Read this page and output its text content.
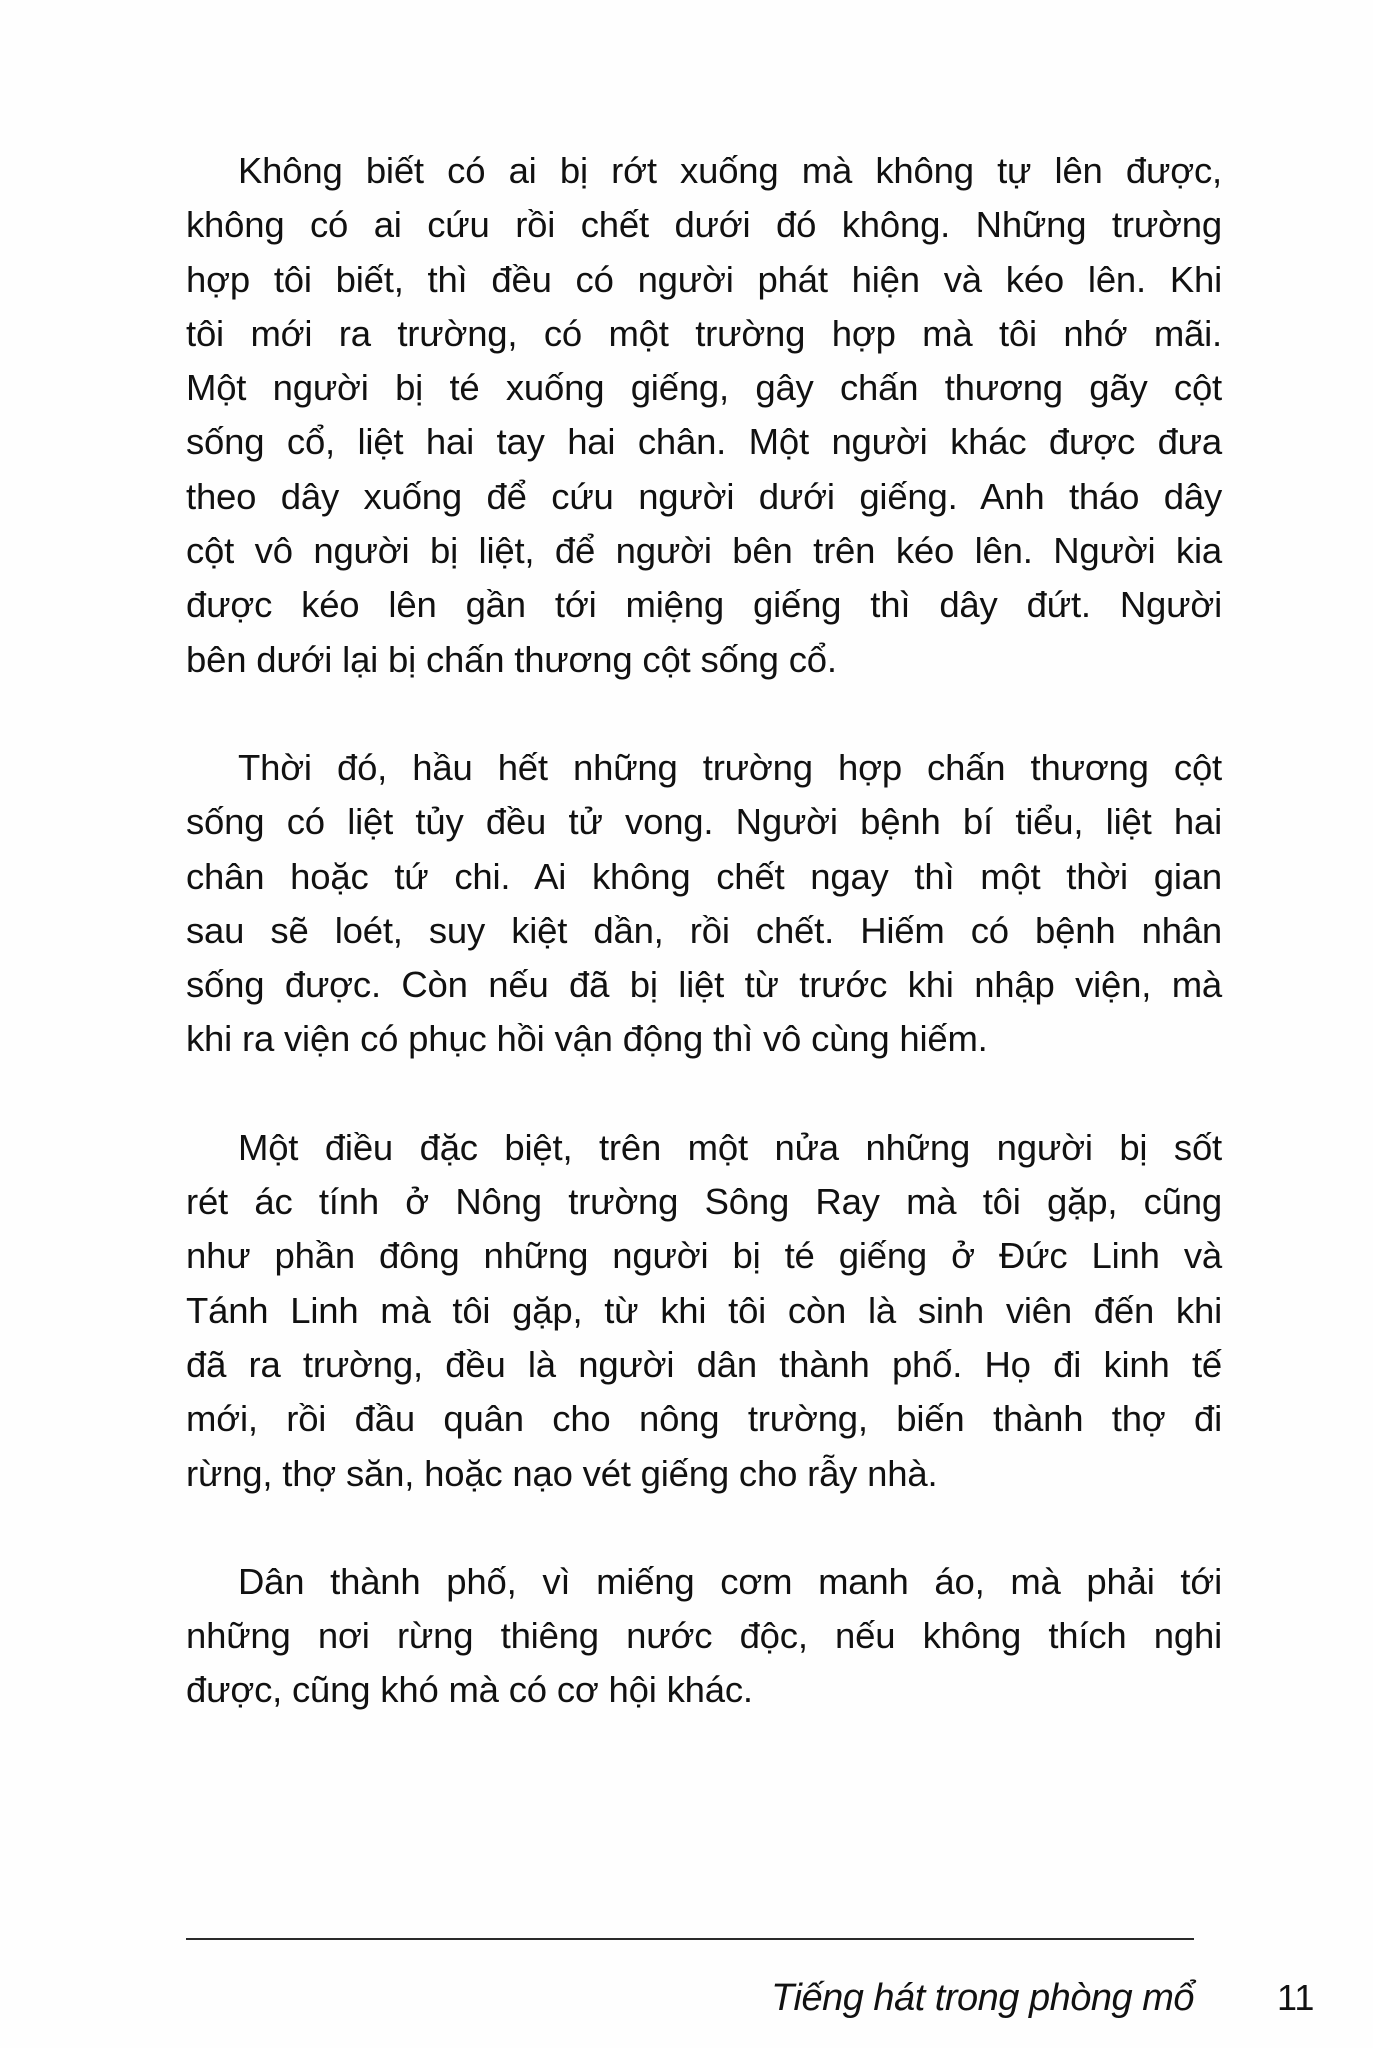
Không biết có ai bị rớt xuống mà không tự lên được,
không có ai cứu rồi chết dưới đó không. Những trường
hợp tôi biết, thì đều có người phát hiện và kéo lên. Khi
tôi mới ra trường, có một trường hợp mà tôi nhớ mãi.
Một người bị té xuống giếng, gây chấn thương gãy cột
sống cổ, liệt hai tay hai chân. Một người khác được đưa
theo dây xuống để cứu người dưới giếng. Anh tháo dây
cột vô người bị liệt, để người bên trên kéo lên. Người kia
được kéo lên gần tới miệng giếng thì dây đứt. Người
bên dưới lại bị chấn thương cột sống cổ.
Thời đó, hầu hết những trường hợp chấn thương cột
sống có liệt tủy đều tử vong. Người bệnh bí tiểu, liệt hai
chân hoặc tứ chi. Ai không chết ngay thì một thời gian
sau sẽ loét, suy kiệt dần, rồi chết. Hiếm có bệnh nhân
sống được. Còn nếu đã bị liệt từ trước khi nhập viện, mà
khi ra viện có phục hồi vận động thì vô cùng hiếm.
Một điều đặc biệt, trên một nửa những người bị sốt
rét ác tính ở Nông trường Sông Ray mà tôi gặp, cũng
như phần đông những người bị té giếng ở Đức Linh và
Tánh Linh mà tôi gặp, từ khi tôi còn là sinh viên đến khi
đã ra trường, đều là người dân thành phố. Họ đi kinh tế
mới, rồi đầu quân cho nông trường, biến thành thợ đi
rừng, thợ săn, hoặc nạo vét giếng cho rẫy nhà.
Dân thành phố, vì miếng cơm manh áo, mà phải tới
những nơi rừng thiêng nước độc, nếu không thích nghi
được, cũng khó mà có cơ hội khác.
Tiếng hát trong phòng mổ 11
